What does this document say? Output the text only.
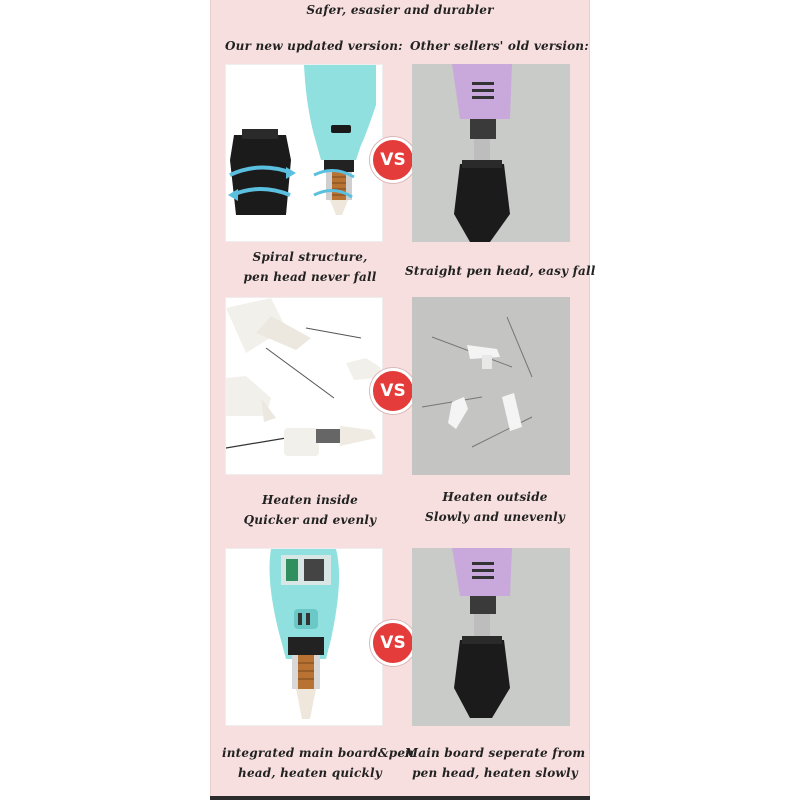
Safer, esasier and durabler
Our new updated version: Other sellers' old version:
VS
Spiral structure,
pen head never fall	Straight pen head, easy fall
VS
Heaten inside
Quicker and evenly
Heaten outside
Slowly and unevenly
VS
integrated main board&pen
head, heaten quickly
Main board seperate from
pen head, heaten slowly
